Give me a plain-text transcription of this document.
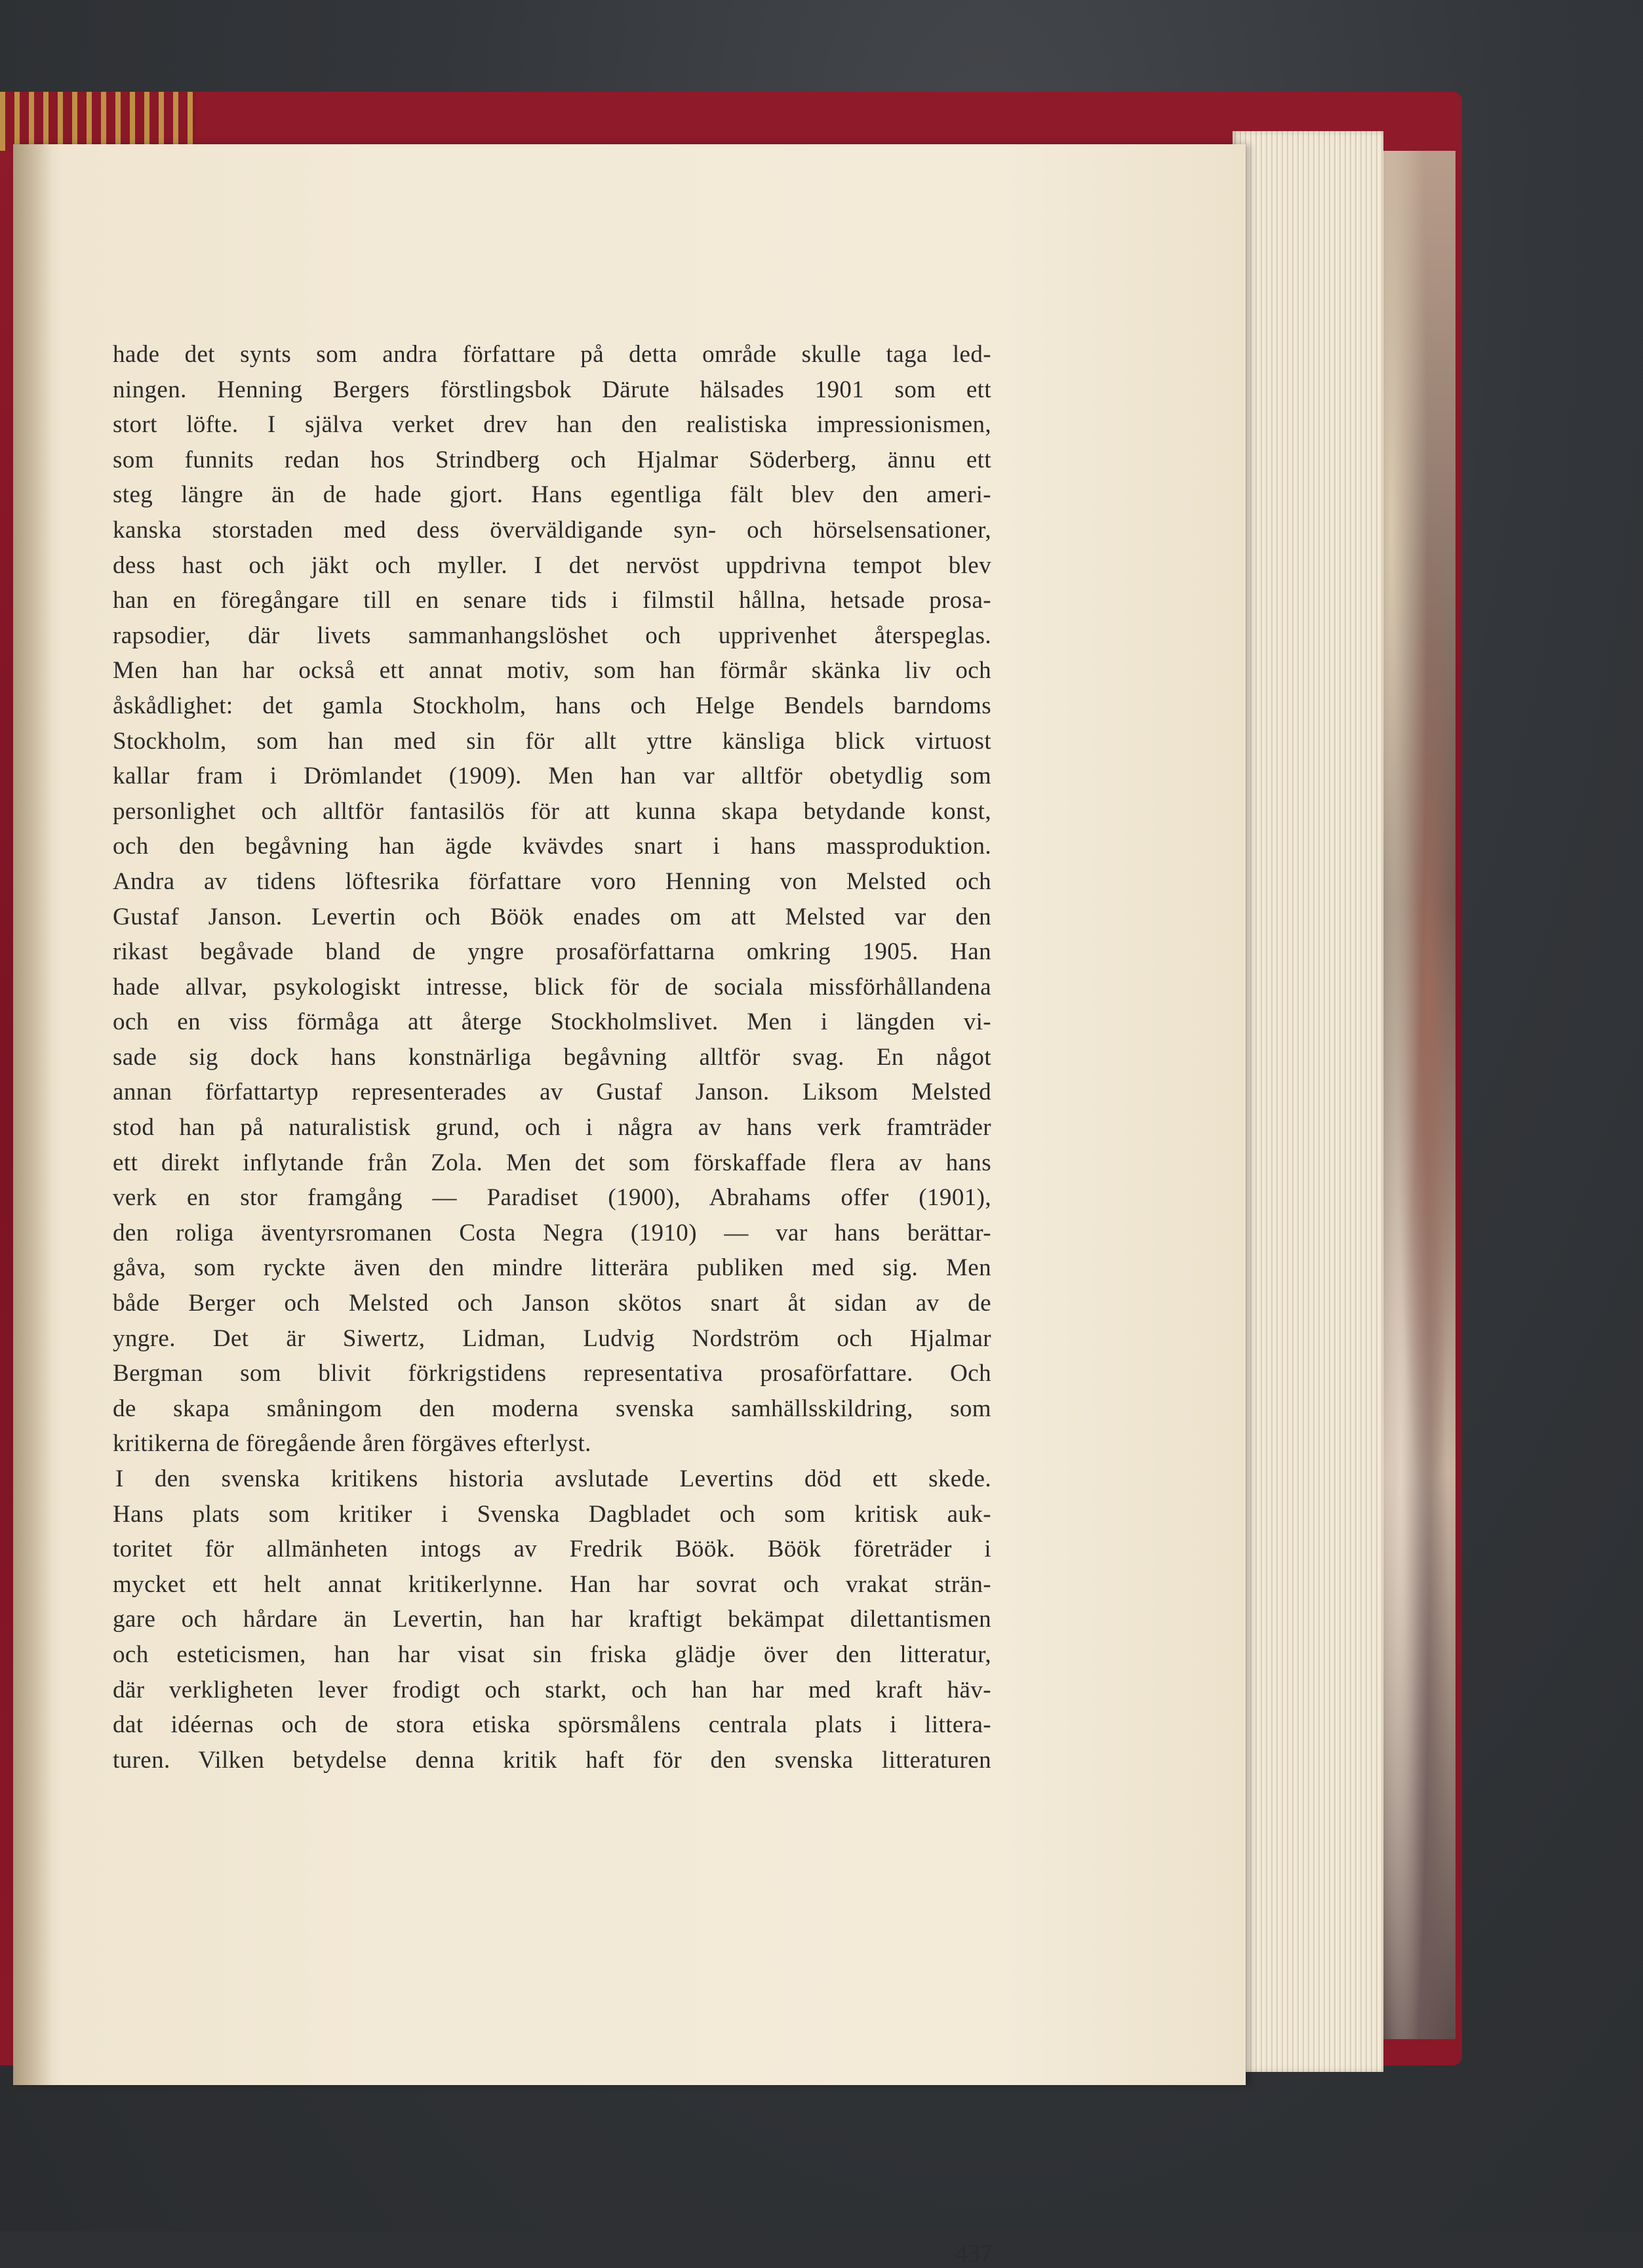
hade det synts som andra författare på detta område skulle taga led-
ningen. Henning Bergers förstlingsbok Därute hälsades 1901 som ett
stort löfte. I själva verket drev han den realistiska impressionismen,
som funnits redan hos Strindberg och Hjalmar Söderberg, ännu ett
steg längre än de hade gjort. Hans egentliga fält blev den ameri-
kanska storstaden med dess överväldigande syn- och hörselsensationer,
dess hast och jäkt och myller. I det nervöst uppdrivna tempot blev
han en föregångare till en senare tids i filmstil hållna, hetsade prosa-
rapsodier, där livets sammanhangslöshet och upprivenhet återspeglas.
Men han har också ett annat motiv, som han förmår skänka liv och
åskådlighet: det gamla Stockholm, hans och Helge Bendels barndoms
Stockholm, som han med sin för allt yttre känsliga blick virtuost
kallar fram i Drömlandet (1909). Men han var alltför obetydlig som
personlighet och alltför fantasilös för att kunna skapa betydande konst,
och den begåvning han ägde kvävdes snart i hans massproduktion.
Andra av tidens löftesrika författare voro Henning von Melsted och
Gustaf Janson. Levertin och Böök enades om att Melsted var den
rikast begåvade bland de yngre prosaförfattarna omkring 1905. Han
hade allvar, psykologiskt intresse, blick för de sociala missförhållandena
och en viss förmåga att återge Stockholmslivet. Men i längden vi-
sade sig dock hans konstnärliga begåvning alltför svag. En något
annan författartyp representerades av Gustaf Janson. Liksom Melsted
stod han på naturalistisk grund, och i några av hans verk framträder
ett direkt inflytande från Zola. Men det som förskaffade flera av hans
verk en stor framgång — Paradiset (1900), Abrahams offer (1901),
den roliga äventyrsromanen Costa Negra (1910) — var hans berättar-
gåva, som ryckte även den mindre litterära publiken med sig. Men
både Berger och Melsted och Janson skötos snart åt sidan av de
yngre. Det är Siwertz, Lidman, Ludvig Nordström och Hjalmar
Bergman som blivit förkrigstidens representativa prosaförfattare. Och
de skapa småningom den moderna svenska samhällsskildring, som
kritikerna de föregående åren förgäves efterlyst.
I den svenska kritikens historia avslutade Levertins död ett skede.
Hans plats som kritiker i Svenska Dagbladet och som kritisk auk-
toritet för allmänheten intogs av Fredrik Böök. Böök företräder i
mycket ett helt annat kritikerlynne. Han har sovrat och vrakat strän-
gare och hårdare än Levertin, han har kraftigt bekämpat dilettantismen
och esteticismen, han har visat sin friska glädje över den litteratur,
där verkligheten lever frodigt och starkt, och han har med kraft häv-
dat idéernas och de stora etiska spörsmålens centrala plats i littera-
turen. Vilken betydelse denna kritik haft för den svenska litteraturen
437
